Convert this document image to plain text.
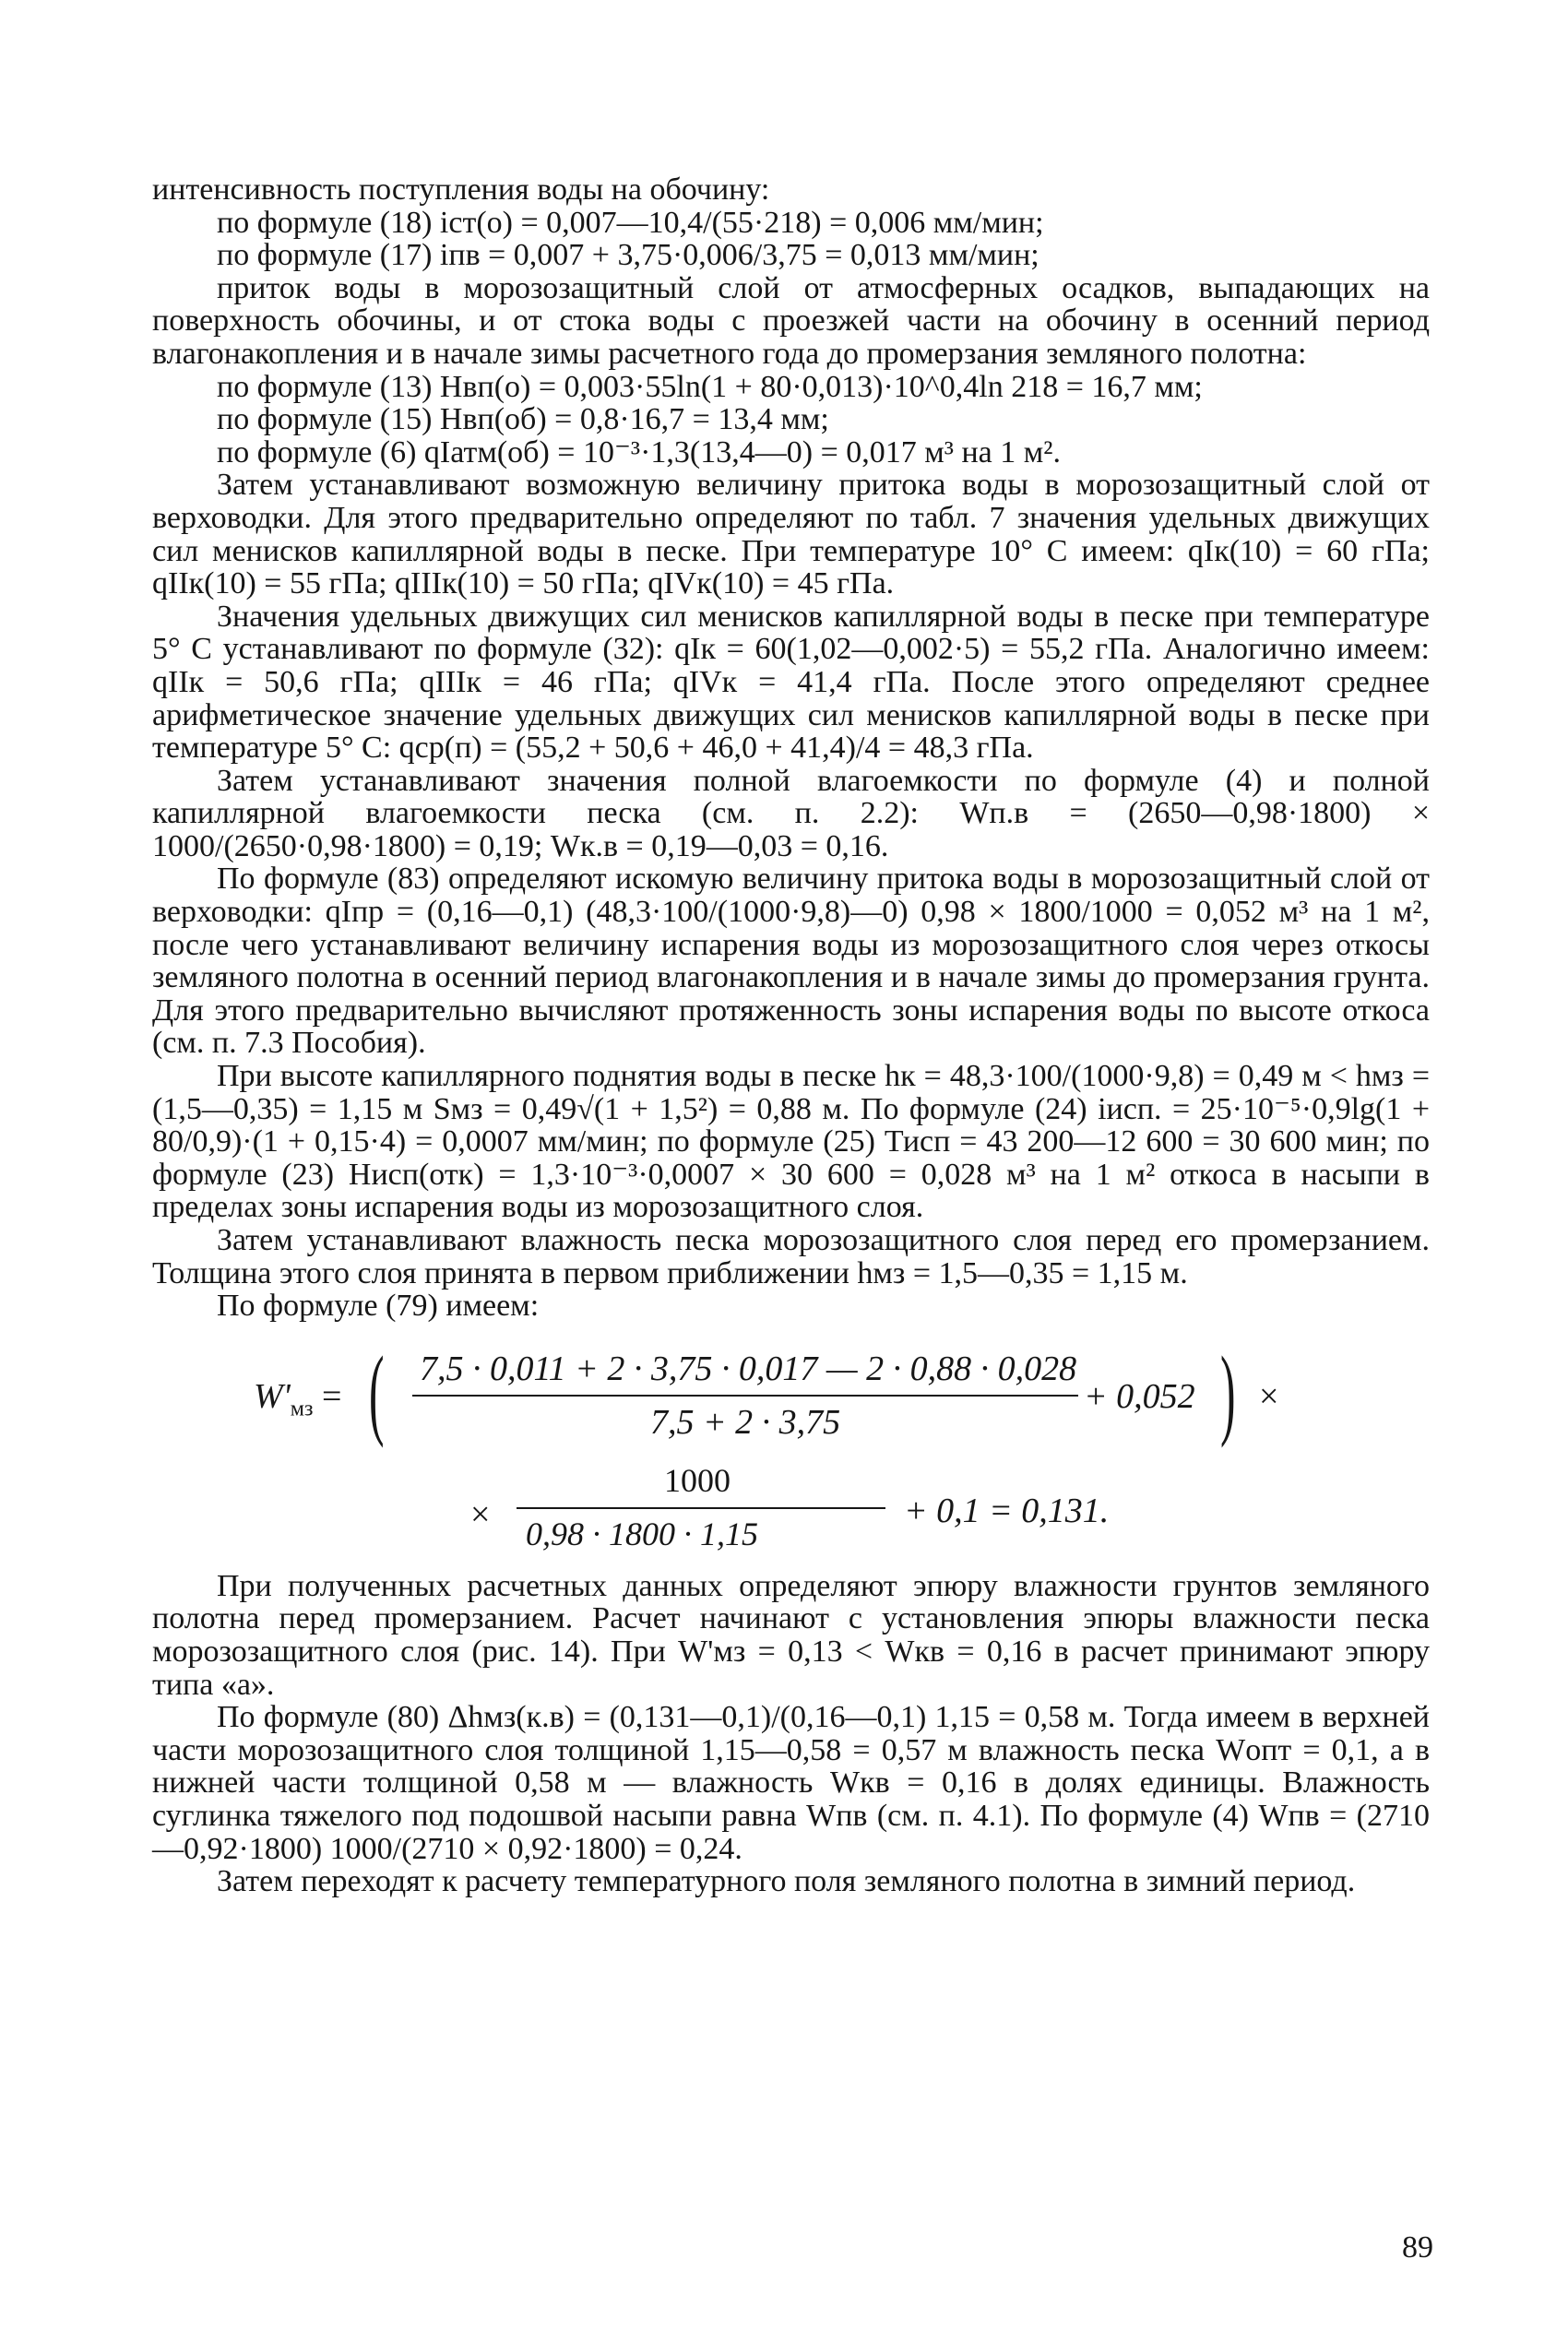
интенсивность поступления воды на обочину:

по формуле (18) iст(о) = 0,007—10,4/(55·218) = 0,006 мм/мин;

по формуле (17) iпв = 0,007 + 3,75·0,006/3,75 = 0,013 мм/мин;

приток воды в морозозащитный слой от атмосферных осадков, выпадающих на поверхность обочины, и от стока воды с проезжей части на обочину в осенний период влагонакопления и в начале зимы расчетного года до промерзания земляного полотна:

по формуле (13) Нвп(о) = 0,003·55ln(1 + 80·0,013)·10^0,4ln 218 = 16,7 мм;

по формуле (15) Нвп(об) = 0,8·16,7 = 13,4 мм;

по формуле (6) qIатм(об) = 10⁻³·1,3(13,4—0) = 0,017 м³ на 1 м².

Затем устанавливают возможную величину притока воды в морозозащитный слой от верховодки. Для этого предварительно определяют по табл. 7 значения удельных движущих сил менисков капиллярной воды в песке. При температуре 10° С имеем: qIк(10) = 60 гПа; qIIк(10) = 55 гПа; qIIIк(10) = 50 гПа; qIVк(10) = 45 гПа.

Значения удельных движущих сил менисков капиллярной воды в песке при температуре 5° С устанавливают по формуле (32): qIк = 60(1,02—0,002·5) = 55,2 гПа. Аналогично имеем: qIIк = 50,6 гПа; qIIIк = 46 гПа; qIVк = 41,4 гПа. После этого определяют среднее арифметическое значение удельных движущих сил менисков капиллярной воды в песке при температуре 5° С: qср(п) = (55,2 + 50,6 + 46,0 + 41,4)/4 = 48,3 гПа.

Затем устанавливают значения полной влагоемкости по формуле (4) и полной капиллярной влагоемкости песка (см. п. 2.2): Wп.в = (2650—0,98·1800) × 1000/(2650·0,98·1800) = 0,19; Wк.в = 0,19—0,03 = 0,16.

По формуле (83) определяют искомую величину притока воды в морозозащитный слой от верховодки: qIпр = (0,16—0,1) (48,3·100/(1000·9,8)—0) 0,98 × 1800/1000 = 0,052 м³ на 1 м², после чего устанавливают величину испарения воды из морозозащитного слоя через откосы земляного полотна в осенний период влагонакопления и в начале зимы до промерзания грунта. Для этого предварительно вычисляют протяженность зоны испарения воды по высоте откоса (см. п. 7.3 Пособия).

При высоте капиллярного поднятия воды в песке hк = 48,3·100/(1000·9,8) = 0,49 м < hмз = (1,5—0,35) = 1,15 м Sмз = 0,49√(1 + 1,5²) = 0,88 м. По формуле (24) iисп. = 25·10⁻⁵·0,9lg(1 + 80/0,9)·(1 + 0,15·4) = 0,0007 мм/мин; по формуле (25) Тисп = 43 200—12 600 = 30 600 мин; по формуле (23) Нисп(отк) = 1,3·10⁻³·0,0007 × 30 600 = 0,028 м³ на 1 м² откоса в насыпи в пределах зоны испарения воды из морозозащитного слоя.

Затем устанавливают влажность песка морозозащитного слоя перед его промерзанием. Толщина этого слоя принята в первом приближении hмз = 1,5—0,35 = 1,15 м.

По формуле (79) имеем:

$W'_{мз}$ = ( 7,5 · 0,011 + 2 · 3,75 · 0,017 — 2 · 0,88 · 0,028
7,5 + 2 · 3,75
+ 0,052 ) ×
×
1000
0,98 · 1800 · 1,15
+ 0,1 = 0,131.

При полученных расчетных данных определяют эпюру влажности грунтов земляного полотна перед промерзанием. Расчет начинают с установления эпюры влажности песка морозозащитного слоя (рис. 14). При W'мз = 0,13 < Wкв = 0,16 в расчет принимают эпюру типа «а».

По формуле (80) Δhмз(к.в) = (0,131—0,1)/(0,16—0,1) 1,15 = 0,58 м. Тогда имеем в верхней части морозозащитного слоя толщиной 1,15—0,58 = 0,57 м влажность песка Wопт = 0,1, а в нижней части толщиной 0,58 м — влажность Wкв = 0,16 в долях единицы. Влажность суглинка тяжелого под подошвой насыпи равна Wпв (см. п. 4.1). По формуле (4) Wпв = (2710—0,92·1800) 1000/(2710 × 0,92·1800) = 0,24.

Затем переходят к расчету температурного поля земляного полотна в зимний период.

89
